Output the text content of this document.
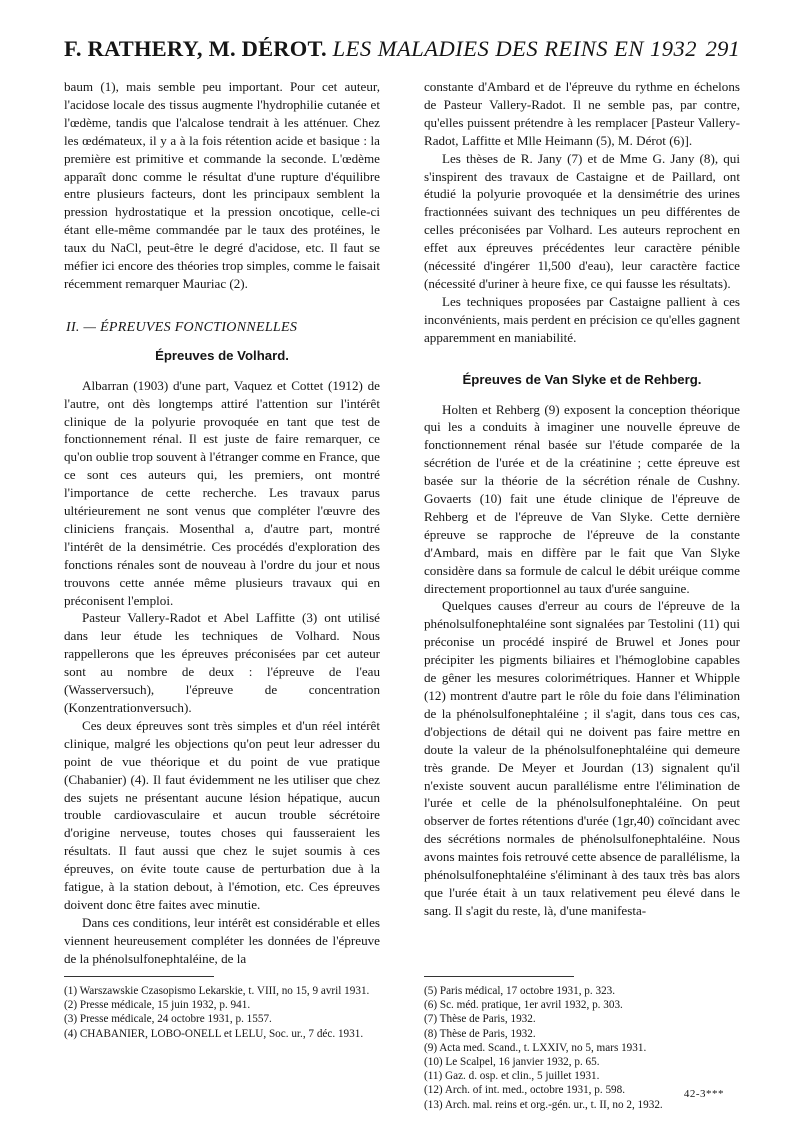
F. RATHERY, M. DÉROT. LES MALADIES DES REINS EN 1932 291

baum (1), mais semble peu important. Pour cet auteur, l'acidose locale des tissus augmente l'hydrophilie cutanée et l'œdème, tandis que l'alcalose tendrait à les atténuer. Chez les œdémateux, il y a à la fois rétention acide et basique : la première est primitive et commande la seconde. L'œdème apparaît donc comme le résultat d'une rupture d'équilibre entre plusieurs facteurs, dont les principaux semblent la pression hydrostatique et la pression oncotique, celle-ci étant elle-même commandée par le taux des protéines, le taux du NaCl, peut-être le degré d'acidose, etc. Il faut se méfier ici encore des théories trop simples, comme le faisait récemment remarquer Mauriac (2).

II. — ÉPREUVES FONCTIONNELLES
Épreuves de Volhard.

Albarran (1903) d'une part, Vaquez et Cottet (1912) de l'autre, ont dès longtemps attiré l'attention sur l'intérêt clinique de la polyurie provoquée en tant que test de fonctionnement rénal. Il est juste de faire remarquer, ce qu'on oublie trop souvent à l'étranger comme en France, que ce sont ces auteurs qui, les premiers, ont montré l'importance de cette recherche. Les travaux parus ultérieurement ne sont venus que compléter l'œuvre des cliniciens français. Mosenthal a, d'autre part, montré l'intérêt de la densimétrie. Ces procédés d'exploration des fonctions rénales sont de nouveau à l'ordre du jour et nous trouvons cette année même plusieurs travaux qui en préconisent l'emploi.

Pasteur Vallery-Radot et Abel Laffitte (3) ont utilisé dans leur étude les techniques de Volhard. Nous rappellerons que les épreuves préconisées par cet auteur sont au nombre de deux : l'épreuve de l'eau (Wasserversuch), l'épreuve de concentration (Konzentrationversuch).

Ces deux épreuves sont très simples et d'un réel intérêt clinique, malgré les objections qu'on peut leur adresser du point de vue théorique et du point de vue pratique (Chabanier) (4). Il faut évidemment ne les utiliser que chez des sujets ne présentant aucune lésion hépatique, aucun trouble cardiovasculaire et aucun trouble sécrétoire d'origine nerveuse, toutes choses qui fausseraient les résultats. Il faut aussi que chez le sujet soumis à ces épreuves, on évite toute cause de perturbation due à la fatigue, à la station debout, à l'émotion, etc. Ces épreuves doivent donc être faites avec minutie.

Dans ces conditions, leur intérêt est considérable et elles viennent heureusement compléter les données de l'épreuve de la phénolsulfonephtaléine, de la

constante d'Ambard et de l'épreuve du rythme en échelons de Pasteur Vallery-Radot. Il ne semble pas, par contre, qu'elles puissent prétendre à les remplacer [Pasteur Vallery-Radot, Laffitte et Mlle Heimann (5), M. Dérot (6)].

Les thèses de R. Jany (7) et de Mme G. Jany (8), qui s'inspirent des travaux de Castaigne et de Paillard, ont étudié la polyurie provoquée et la densimétrie des urines fractionnées suivant des techniques un peu différentes de celles préconisées par Volhard. Les auteurs reprochent en effet aux épreuves précédentes leur caractère pénible (nécessité d'ingérer 1l,500 d'eau), leur caractère factice (nécessité d'uriner à heure fixe, ce qui fausse les résultats).

Les techniques proposées par Castaigne pallient à ces inconvénients, mais perdent en précision ce qu'elles gagnent apparemment en maniabilité.

Épreuves de Van Slyke et de Rehberg.

Holten et Rehberg (9) exposent la conception théorique qui les a conduits à imaginer une nouvelle épreuve de fonctionnement rénal basée sur l'étude comparée de la sécrétion de l'urée et de la créatinine ; cette épreuve est basée sur la théorie de la sécrétion rénale de Cushny. Govaerts (10) fait une étude clinique de l'épreuve de Rehberg et de l'épreuve de Van Slyke. Cette dernière épreuve se rapproche de l'épreuve de la constante d'Ambard, mais en diffère par le fait que Van Slyke considère dans sa formule de calcul le débit uréique comme directement proportionnel au taux d'urée sanguine.

Quelques causes d'erreur au cours de l'épreuve de la phénolsulfonephtaléine sont signalées par Testolini (11) qui préconise un procédé inspiré de Bruwel et Jones pour précipiter les pigments biliaires et l'hémoglobine capables de gêner les mesures colorimétriques. Hanner et Whipple (12) montrent d'autre part le rôle du foie dans l'élimination de la phénolsulfonephtaléine ; il s'agit, dans tous ces cas, d'objections de détail qui ne doivent pas faire mettre en doute la valeur de la phénolsulfonephtaléine qui demeure très grande. De Meyer et Jourdan (13) signalent qu'il n'existe souvent aucun parallélisme entre l'élimination de l'urée et celle de la phénolsulfonephtaléine. On peut observer de fortes rétentions d'urée (1gr,40) coïncidant avec des sécrétions normales de phénolsulfonephtaléine. Nous avons maintes fois retrouvé cette absence de parallélisme, la phénolsulfonephtaléine s'éliminant à des taux très bas alors que l'urée était à un taux relativement peu élevé dans le sang. Il s'agit du reste, là, d'une manifesta-

(1) Warszawskie Czasopismo Lekarskie, t. VIII, no 15, 9 avril 1931.

(2) Presse médicale, 15 juin 1932, p. 941.

(3) Presse médicale, 24 octobre 1931, p. 1557.

(4) CHABANIER, LOBO-ONELL et LELU, Soc. ur., 7 déc. 1931.

(5) Paris médical, 17 octobre 1931, p. 323.

(6) Sc. méd. pratique, 1er avril 1932, p. 303.

(7) Thèse de Paris, 1932.

(8) Thèse de Paris, 1932.

(9) Acta med. Scand., t. LXXIV, no 5, mars 1931.

(10) Le Scalpel, 16 janvier 1932, p. 65.

(11) Gaz. d. osp. et clin., 5 juillet 1931.

(12) Arch. of int. med., octobre 1931, p. 598.

(13) Arch. mal. reins et org.-gén. ur., t. II, no 2, 1932.

42-3***
